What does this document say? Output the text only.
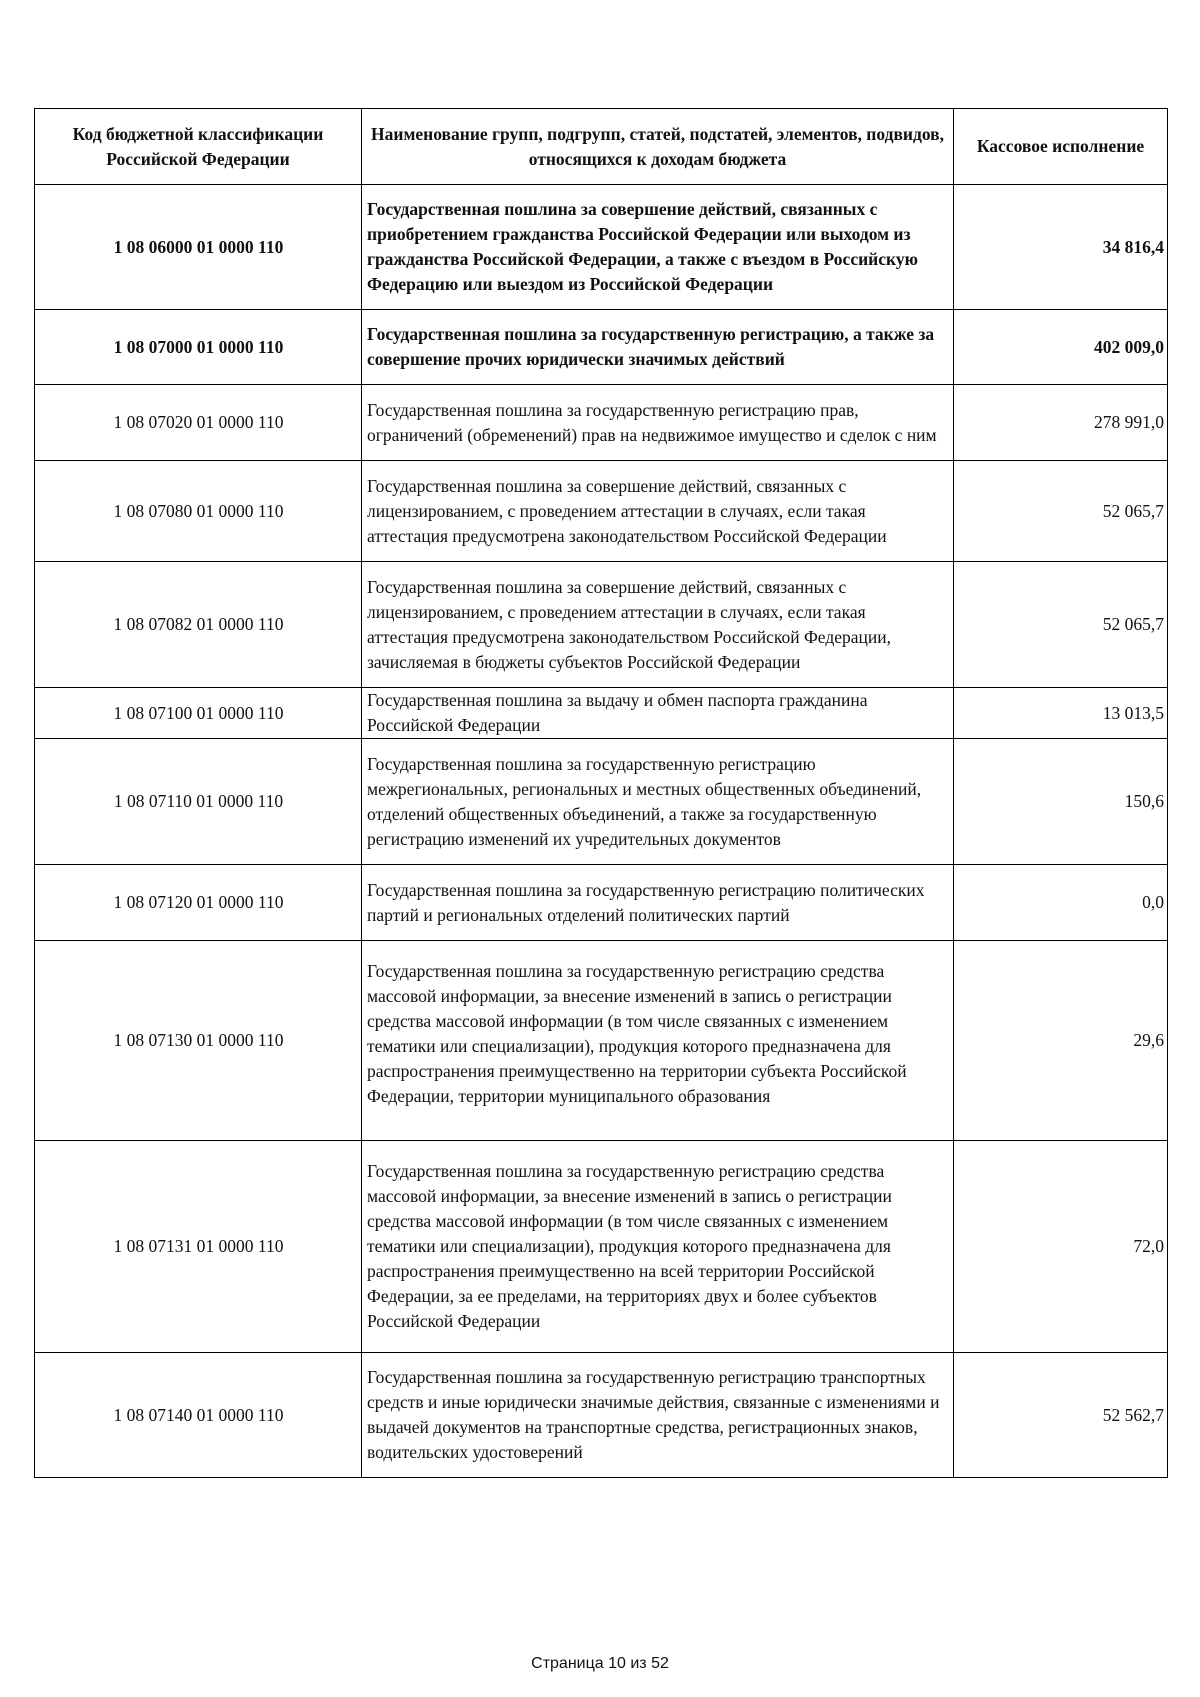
Код бюджетной классификации Российской Федерации	Наименование групп, подгрупп, статей, подстатей, элементов, подвидов, относящихся к доходам бюджета	Кассовое исполнение
1 08 06000 01 0000 110	Государственная пошлина за совершение действий, связанных с приобретением гражданства Российской Федерации или выходом из гражданства Российской Федерации, а также с въездом в Российскую Федерацию или выездом из Российской Федерации	34 816,4
1 08 07000 01 0000 110	Государственная пошлина за государственную регистрацию, а также за совершение прочих юридически значимых действий	402 009,0
1 08 07020 01 0000 110	Государственная пошлина за государственную регистрацию прав, ограничений (обременений) прав на недвижимое имущество и сделок с ним	278 991,0
1 08 07080 01 0000 110	Государственная пошлина за совершение действий, связанных с лицензированием, с проведением аттестации в случаях, если такая аттестация предусмотрена законодательством Российской Федерации	52 065,7
1 08 07082 01 0000 110	Государственная пошлина за совершение действий, связанных с лицензированием, с проведением аттестации в случаях, если такая аттестация предусмотрена законодательством Российской Федерации, зачисляемая в бюджеты субъектов Российской Федерации	52 065,7
1 08 07100 01 0000 110	Государственная пошлина за выдачу и обмен паспорта гражданина Российской Федерации	13 013,5
1 08 07110 01 0000 110	Государственная пошлина за государственную регистрацию межрегиональных, региональных и местных общественных объединений, отделений общественных объединений, а также за государственную регистрацию изменений их учредительных документов	150,6
1 08 07120 01 0000 110	Государственная пошлина за государственную регистрацию политических партий и региональных отделений политических партий	0,0
1 08 07130 01 0000 110	Государственная пошлина за государственную регистрацию средства массовой информации, за внесение изменений в запись о регистрации средства массовой информации (в том числе связанных с изменением тематики или специализации), продукция которого предназначена для распространения преимущественно на территории субъекта Российской Федерации, территории муниципального образования	29,6
1 08 07131 01 0000 110	Государственная пошлина за государственную регистрацию средства массовой информации, за внесение изменений в запись о регистрации средства массовой информации (в том числе связанных с изменением тематики или специализации), продукция которого предназначена для распространения преимущественно на всей территории Российской Федерации, за ее пределами, на территориях двух и более субъектов Российской Федерации	72,0
1 08 07140 01 0000 110	Государственная пошлина за государственную регистрацию транспортных средств и иные юридически значимые действия, связанные с изменениями и выдачей документов на транспортные средства, регистрационных знаков, водительских удостоверений	52 562,7
Страница 10 из 52
